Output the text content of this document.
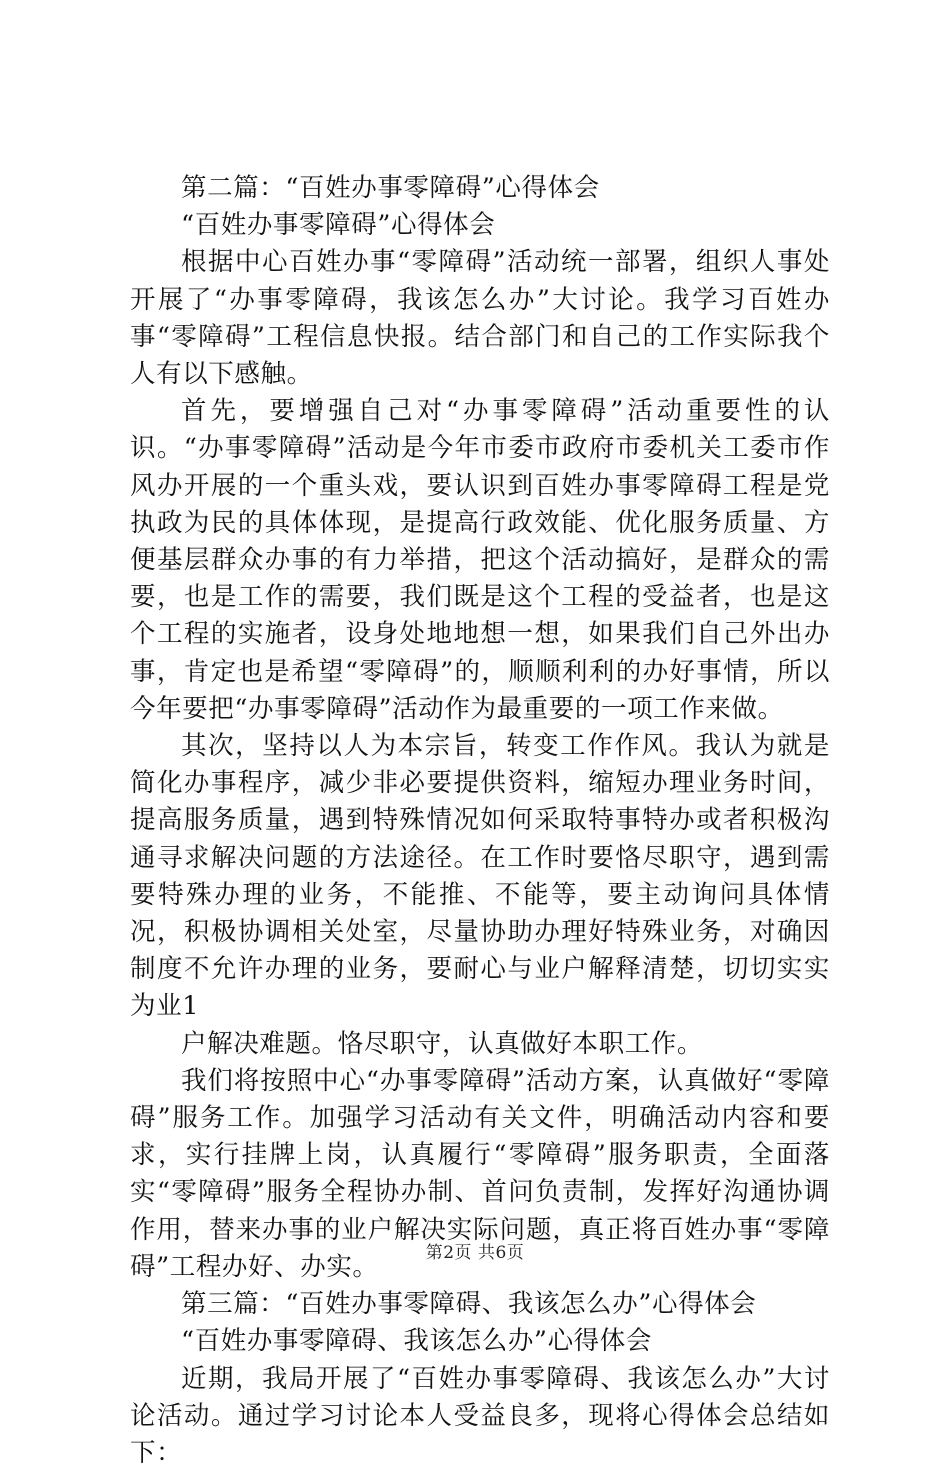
第二篇：“百姓办事零障碍”心得体会

“百姓办事零障碍”心得体会

根据中心百姓办事“零障碍”活动统一部署，组织人事处开展了“办事零障碍，我该怎么办”大讨论。我学习百姓办事“零障碍”工程信息快报。结合部门和自己的工作实际我个人有以下感触。

首先，要增强自己对“办事零障碍”活动重要性的认识。“办事零障碍”活动是今年市委市政府市委机关工委市作风办开展的一个重头戏，要认识到百姓办事零障碍工程是党执政为民的具体体现，是提高行政效能、优化服务质量、方便基层群众办事的有力举措，把这个活动搞好，是群众的需要，也是工作的需要，我们既是这个工程的受益者，也是这个工程的实施者，设身处地地想一想，如果我们自己外出办事，肯定也是希望“零障碍”的，顺顺利利的办好事情，所以今年要把“办事零障碍”活动作为最重要的一项工作来做。

其次，坚持以人为本宗旨，转变工作作风。我认为就是简化办事程序，减少非必要提供资料，缩短办理业务时间，提高服务质量，遇到特殊情况如何采取特事特办或者积极沟通寻求解决问题的方法途径。在工作时要恪尽职守，遇到需要特殊办理的业务，不能推、不能等，要主动询问具体情况，积极协调相关处室，尽量协助办理好特殊业务，对确因制度不允许办理的业务，要耐心与业户解释清楚，切切实实为业1

户解决难题。恪尽职守，认真做好本职工作。

我们将按照中心“办事零障碍”活动方案，认真做好“零障碍”服务工作。加强学习活动有关文件，明确活动内容和要求，实行挂牌上岗，认真履行“零障碍”服务职责，全面落实“零障碍”服务全程协办制、首问负责制，发挥好沟通协调作用，替来办事的业户解决实际问题，真正将百姓办事“零障碍”工程办好、办实。

第三篇：“百姓办事零障碍、我该怎么办”心得体会

“百姓办事零障碍、我该怎么办”心得体会

近期，我局开展了“百姓办事零障碍、我该怎么办”大讨论活动。通过学习讨论本人受益良多，现将心得体会总结如下：

第2页 共6页
